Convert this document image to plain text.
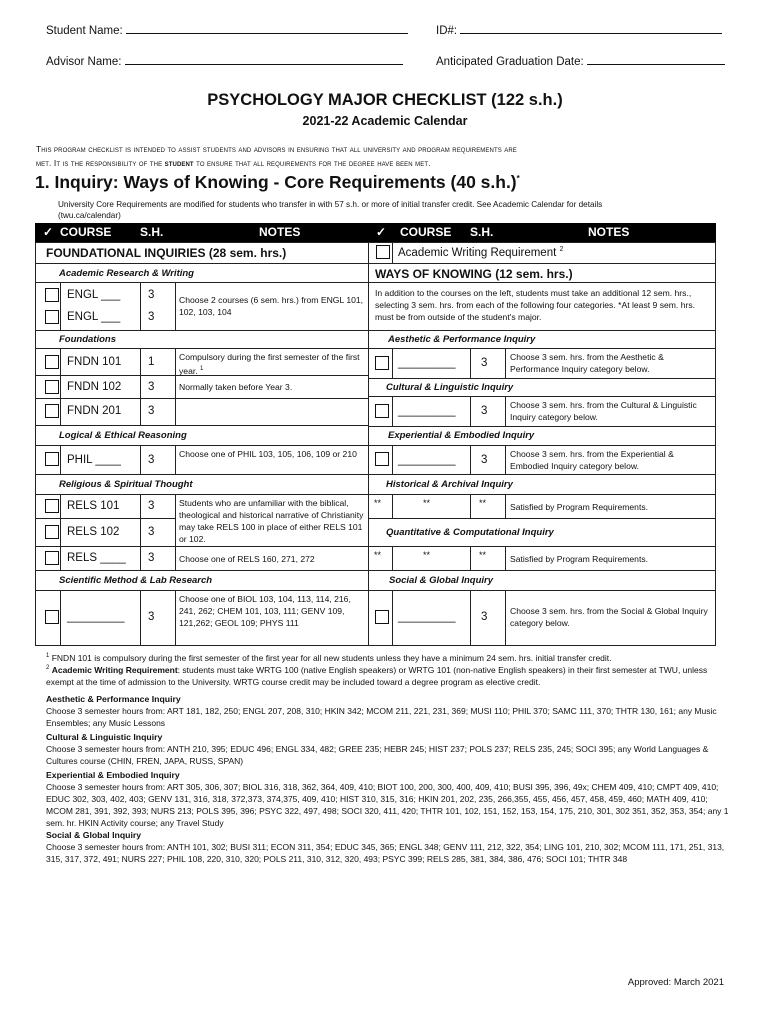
Student Name:	ID#:
Advisor Name:	Anticipated Graduation Date:
PSYCHOLOGY MAJOR CHECKLIST (122 s.h.)
2021-22 Academic Calendar
This program checklist is intended to assist students and advisors in ensuring that all university and program requirements are
met. It is the responsibility of the student to ensure that all requirements for the degree have been met.
1. Inquiry: Ways of Knowing - Core Requirements (40 s.h.)*
University Core Requirements are modified for students who transfer in with 57 s.h. or more of initial transfer credit. See Academic Calendar for details
(twu.ca/calendar)
✓ COURSE S.H.	NOTES	✓ COURSE S.H.	NOTES
FOUNDATIONAL INQUIRIES (28 sem. hrs.)
Academic Research & Writing
ENGL ___ 3
ENGL ___ 3
Choose 2 courses (6 sem. hrs.) from ENGL 101, 102, 103, 104
Foundations
FNDN 101 1	Compulsory during the first semester of the first year. $^1$
FNDN 102 3	Normally taken before Year 3.
FNDN 201 3
Logical & Ethical Reasoning
PHIL ____ 3	Choose one of PHIL 103, 105, 106, 109 or 210
Religious & Spiritual Thought
RELS 101 3
RELS 102 3
Students who are unfamiliar with the biblical, theological and historical narrative of Christianity may take RELS 100 in place of either RELS 101 or 102.
RELS ____ 3	Choose one of RELS 160, 271, 272
Scientific Method & Lab Research
_________ 3
Choose one of BIOL 103, 104, 113, 114, 216, 241, 262; CHEM 101, 103, 111; GENV 109, 121,262; GEOL 109; PHYS 111
Academic Writing Requirement $^2$
WAYS OF KNOWING (12 sem. hrs.)
In addition to the courses on the left, students must take an additional 12 sem. hrs., selecting 3 sem. hrs. from each of the following four categories. *At least 9 sem. hrs. must be from outside of the student's major.
Aesthetic & Performance Inquiry
_________ 3	Choose 3 sem. hrs. from the Aesthetic & Performance Inquiry category below.
Cultural & Linguistic Inquiry
_________ 3	Choose 3 sem. hrs. from the Cultural & Linguistic Inquiry category below.
Experiential & Embodied Inquiry
_________ 3	Choose 3 sem. hrs. from the Experiential & Embodied Inquiry category below.
Historical & Archival Inquiry
**	**	**	Satisfied by Program Requirements.
Quantitative & Computational Inquiry
**	**	**	Satisfied by Program Requirements.
Social & Global Inquiry
_________ 3	Choose 3 sem. hrs. from the Social & Global Inquiry category below.
$^1$ FNDN 101 is compulsory during the first semester of the first year for all new students unless they have a minimum 24 sem. hrs. initial transfer credit.
$^2$ Academic Writing Requirement: students must take WRTG 100 (native English speakers) or WRTG 101 (non-native English speakers) in their first semester at TWU, unless exempt at the time of admission to the University. WRTG course credit may be included toward a degree program as elective credit.
Aesthetic & Performance Inquiry
Choose 3 semester hours from: ART 181, 182, 250; ENGL 207, 208, 310; HKIN 342; MCOM 211, 221, 231, 369; MUSI 110; PHIL 370; SAMC 111, 370; THTR 130, 161; any Music Ensembles; any Music Lessons
Cultural & Linguistic Inquiry
Choose 3 semester hours from: ANTH 210, 395; EDUC 496; ENGL 334, 482; GREE 235; HEBR 245; HIST 237; POLS 237; RELS 235, 245; SOCI 395; any World Languages & Cultures course (CHIN, FREN, JAPA, RUSS, SPAN)
Experiential & Embodied Inquiry
Choose 3 semester hours from: ART 305, 306, 307; BIOL 316, 318, 362, 364, 409, 410; BIOT 100, 200, 300, 400, 409, 410; BUSI 395, 396, 49x; CHEM 409, 410; CMPT 409, 410; EDUC 302, 303, 402, 403; GENV 131, 316, 318, 372,373, 374,375, 409, 410; HIST 310, 315, 316; HKIN 201, 202, 235, 266,355, 455, 456, 457, 458, 459, 460; MATH 409, 410; MCOM 281, 391, 392, 393; NURS 213; POLS 395, 396; PSYC 322, 497, 498; SOCI 320, 411, 420; THTR 101, 102, 151, 152, 153, 154, 175, 210, 301, 302 351, 352, 353, 354; any 1 sem. hr. HKIN Activity course; any Travel Study
Social & Global Inquiry
Choose 3 semester hours from: ANTH 101, 302; BUSI 311; ECON 311, 354; EDUC 345, 365; ENGL 348; GENV 111, 212, 322, 354; LING 101, 210, 302; MCOM 111, 171, 251, 313, 315, 317, 372, 491; NURS 227; PHIL 108, 220, 310, 320; POLS 211, 310, 312, 320, 493; PSYC 399; RELS 285, 381, 384, 386, 476; SOCI 101; THTR 348
Approved: March 2021
